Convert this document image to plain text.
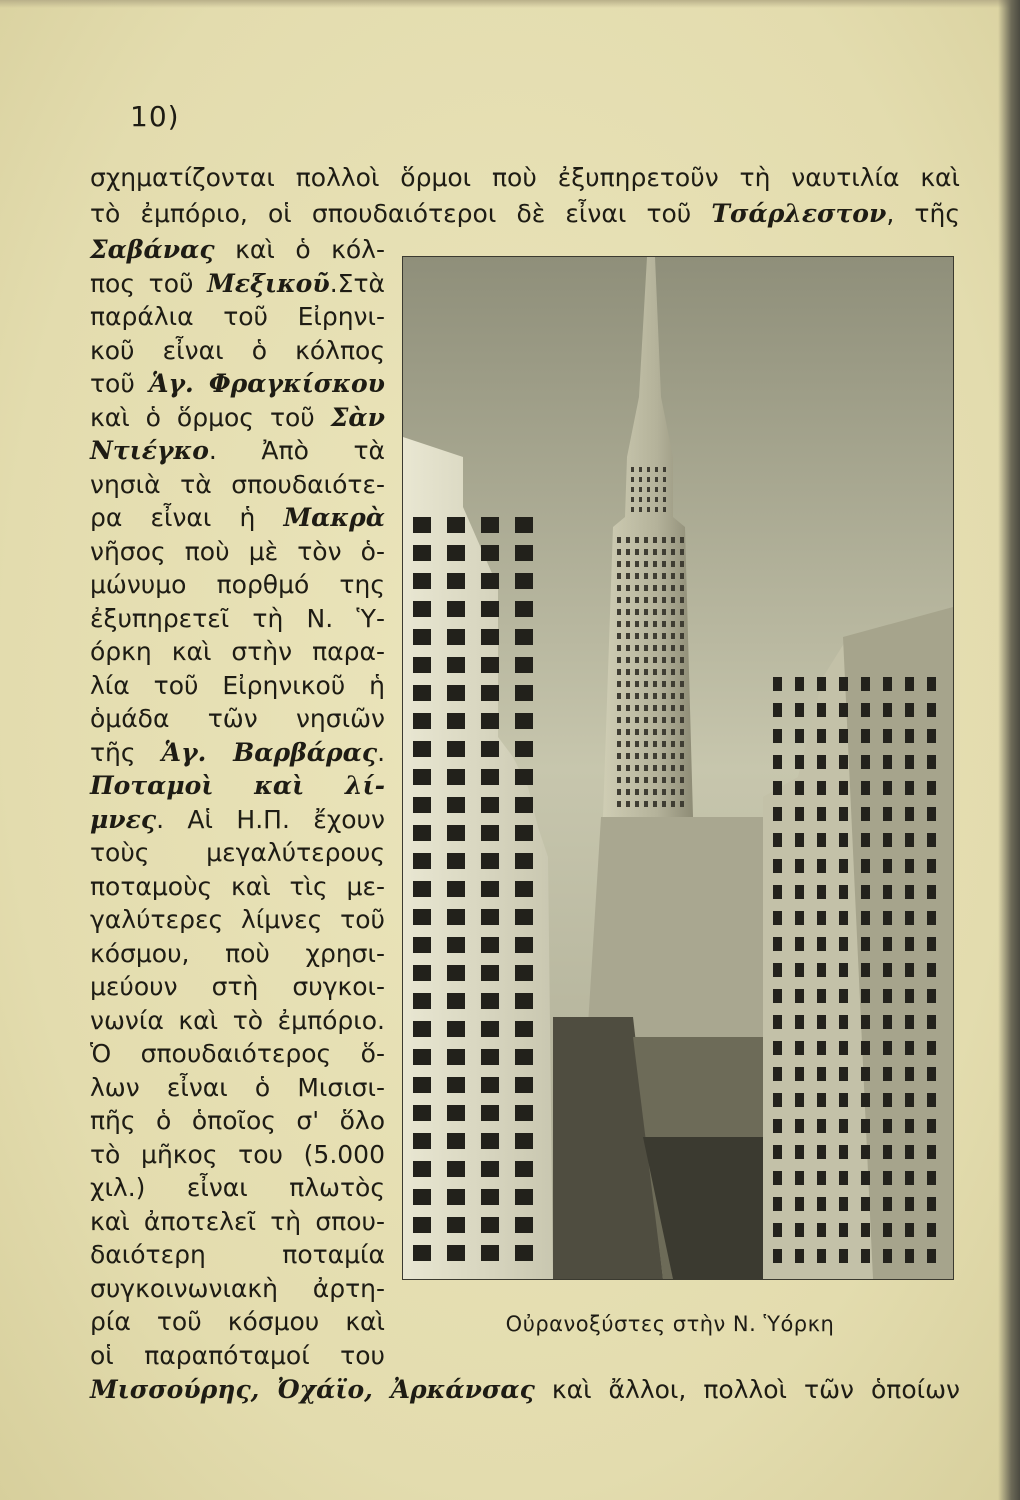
10)
σχηματίζονται πολλοὶ ὅρμοι ποὺ ἐξυπηρετοῦν τὴ ναυτιλία καὶ
τὸ ἐμπόριο, οἱ σπουδαιότεροι δὲ εἶναι τοῦ Τσάρλεστον, τῆς
Σαβάνας καὶ ὁ κόλ-
πος τοῦ Μεξικοῦ.Στὰ
παράλια τοῦ Εἰρηνι-
κοῦ εἶναι ὁ κόλπος
τοῦ Ἁγ. Φραγκίσκου
καὶ ὁ ὅρμος τοῦ Σὰν
Ντιέγκο. Ἀπὸ τὰ
νησιὰ τὰ σπουδαιότε-
ρα εἶναι ἡ Μακρὰ
νῆσος ποὺ μὲ τὸν ὁ-
μώνυμο πορθμό της
ἐξυπηρετεῖ τὴ Ν. Ὑ-
όρκη καὶ στὴν παρα-
λία τοῦ Εἰρηνικοῦ ἡ
ὁμάδα τῶν νησιῶν
τῆς Ἁγ. Βαρβάρας.
Ποταμοὶ καὶ λί-
μνες. Αἱ Η.Π. ἔχουν
τοὺς μεγαλύτερους
ποταμοὺς καὶ τὶς με-
γαλύτερες λίμνες τοῦ
κόσμου, ποὺ χρησι-
μεύουν στὴ συγκοι-
νωνία καὶ τὸ ἐμπόριο.
Ὁ σπουδαιότερος ὅ-
λων εἶναι ὁ Μισισι-
πῆς ὁ ὁποῖος σ' ὅλο
τὸ μῆκος του (5.000
χιλ.) εἶναι πλωτὸς
καὶ ἀποτελεῖ τὴ σπου-
δαιότερη ποταμία
συγκοινωνιακὴ ἀρτη-
ρία τοῦ κόσμου καὶ
οἱ παραπόταμοί του
Μισσούρης, Ὀχάϊο, Ἀρκάνσας καὶ ἄλλοι, πολλοὶ τῶν ὁποίων
Οὐρανοξύστες στὴν Ν. Ὑόρκη
